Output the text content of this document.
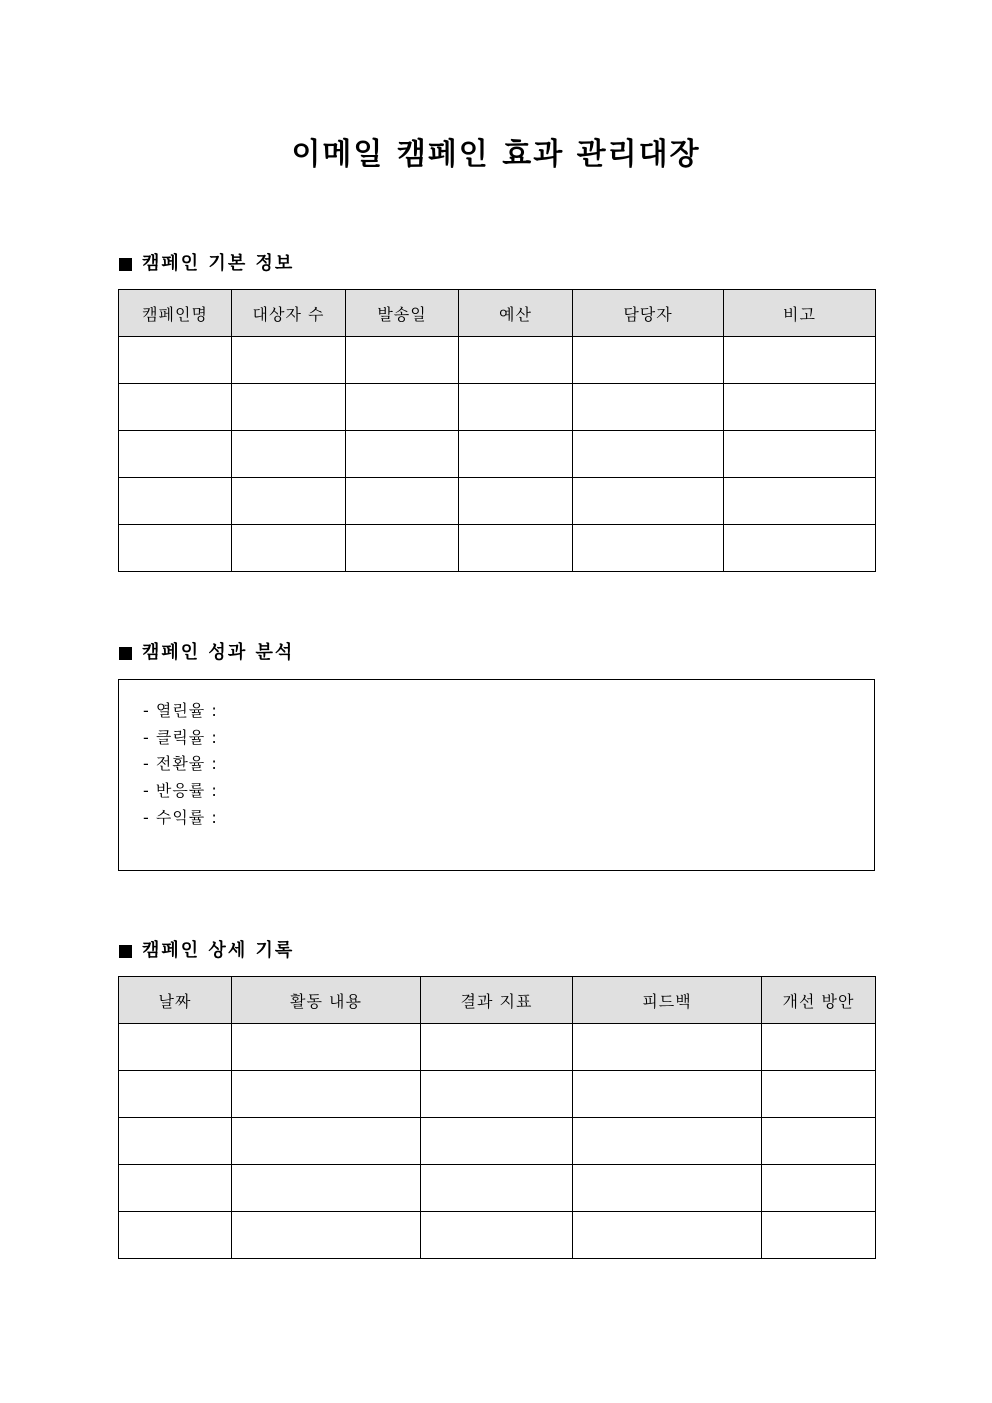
이메일 캠페인 효과 관리대장
캠페인 기본 정보
캠페인명	대상자 수	발송일	예산	담당자	비고

캠페인 성과 분석
- 열린율 :
- 클릭율 :
- 전환율 :
- 반응률 :
- 수익률 :
캠페인 상세 기록
날짜	활동 내용	결과 지표	피드백	개선 방안
